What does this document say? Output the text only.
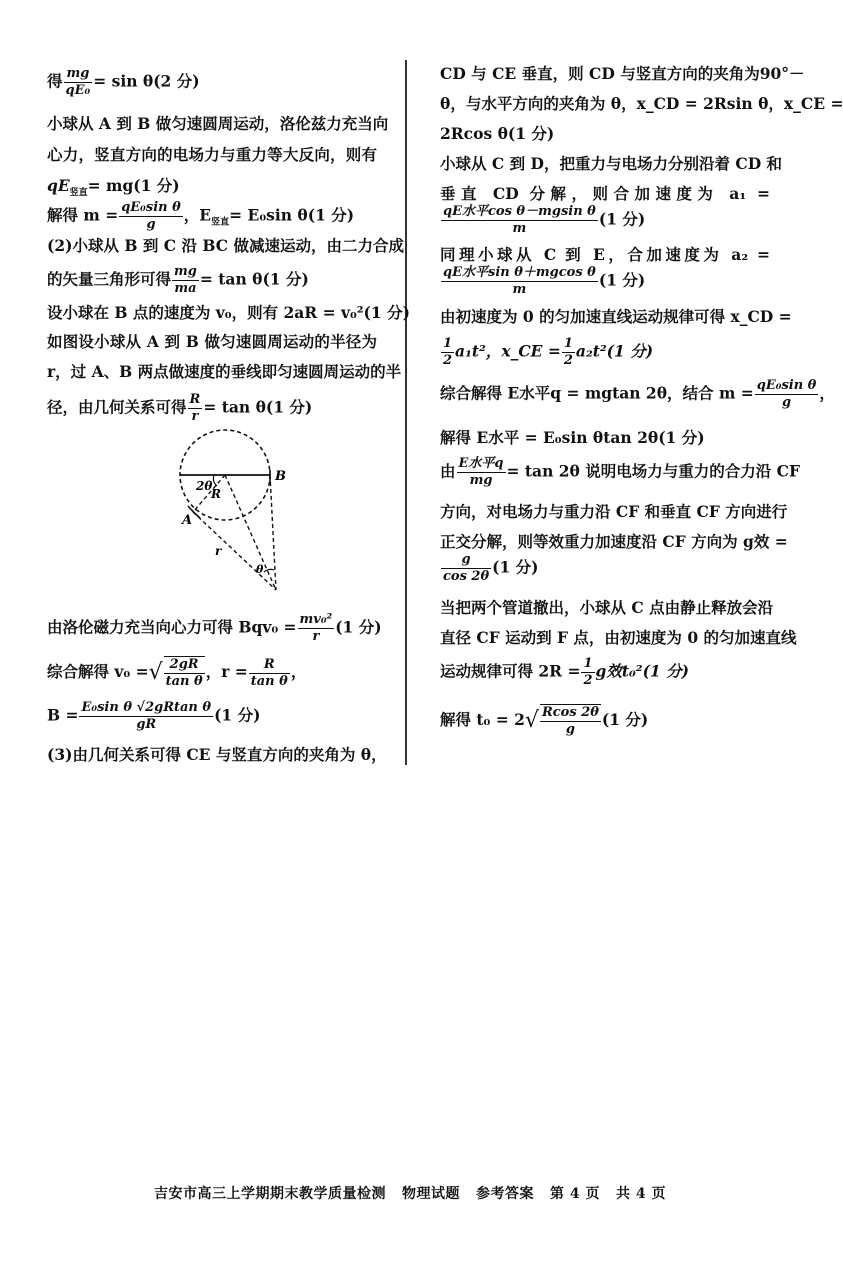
得 $\frac{mg}{\text{qE₀}} = \sin \theta(2$ 分)
小球从 A 到 B 做匀速圆周运动，洛伦兹力充当向
心力，竖直方向的电场力与重力等大反向，则有
$qE_{竖直}= mg(1$ 分)
解得 $m = \frac{\text{qE₀sin θ}}{g}$ ，$E_{竖直}= E_0\sin$ θ(1 分)
(2)小球从 B 到 C 沿 BC 做减速运动，由二力合成
的矢量三角形可得 $\frac{mg}{ma} = \tan \theta(1$ 分)
设小球在 B 点的速度为 v₀，则有 2aR = v₀²(1 分)
如图设小球从 A 到 B 做匀速圆周运动的半径为
r，过 A、B 两点做速度的垂线即匀速圆周运动的半
径，由几何关系可得 $\frac{R}{r} = \tan \theta(1$ 分)
B
A
R
r
2θ
θ
由洛伦磁力充当向心力可得 $Bqv_0 = \frac{\text{mv₀²}}{r} (1$ 分)
综合解得 v₀ =√ $\frac{2gR}{\text{tan θ}}$ ，$r = \frac{R}{\text{tan θ}}$ ，
$B = \frac{\text{E₀sin θ √2gRtan θ}}{gR} (1$ 分)
(3)由几何关系可得 CE 与竖直方向的夹角为 θ，
CD 与 CE 垂直，则 CD 与竖直方向的夹角为90°－
θ，与水平方向的夹角为 θ，x_CD = 2Rsin θ，x_CE =
2Rcos θ(1 分)
小球从 C 到 D，把重力与电场力分别沿着 CD 和
垂直 CD 分解，则合加速度为 a₁ =
$\frac{\text{qE水平cos θ－mgsin θ}}{m} (1$ 分)
同理小球从 C 到 E，合加速度为 a₂ =
$\frac{\text{qE水平sin θ＋mgcos θ}}{m} (1$ 分)
由初速度为 0 的匀加速直线运动规律可得 x_CD =
$\frac{1}{2} a_1t^2$，x_CE = $\frac{1}{2} a_2t^2(1$ 分)
综合解得 E水平q = mgtan 2θ，结合 $m = \frac{\text{qE₀sin θ}}{g}$ ，
解得 E水平 = E₀sin θtan 2θ(1 分)
由 $\frac{\text{E水平q}}{mg} = \tan 2\theta$ 说明电场力与重力的合力沿 CF
方向，对电场力与重力沿 CF 和垂直 CF 方向进行
正交分解，则等效重力加速度沿 CF 方向为 g效 =
$\frac{g}{\cos 2\theta} (1$ 分)
当把两个管道撤出，小球从 C 点由静止释放会沿
直径 CF 运动到 F 点，由初速度为 0 的匀加速直线
运动规律可得 $2R = \frac{1}{2}$ g效t₀²(1 分)
解得 $t_0 = 2√ \frac{Rcos 2\theta}{g} (1$ 分)
吉安市高三上学期期末教学质量检测 物理试题 参考答案 第 4 页 共 4 页
